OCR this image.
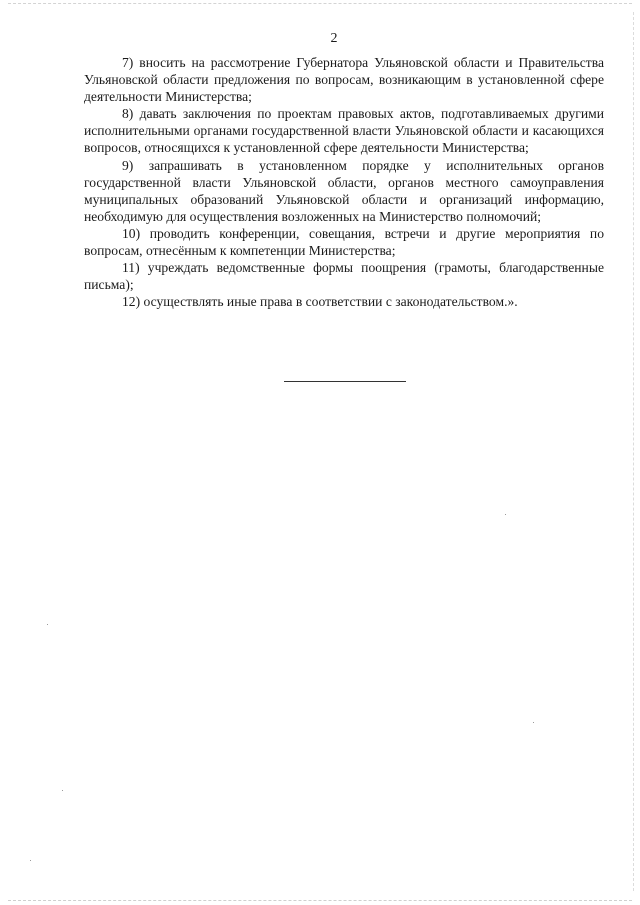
2

7) вносить на рассмотрение Губернатора Ульяновской области и Правительства Ульяновской области предложения по вопросам, возникающим в установленной сфере деятельности Министерства;

8) давать заключения по проектам правовых актов, подготавливаемых другими исполнительными органами государственной власти Ульяновской области и касающихся вопросов, относящихся к установленной сфере деятельности Министерства;

9) запрашивать в установленном порядке у исполнительных органов государственной власти Ульяновской области, органов местного самоуправления муниципальных образований Ульяновской области и организаций информацию, необходимую для осуществления возложенных на Министерство полномочий;

10) проводить конференции, совещания, встречи и другие мероприятия по вопросам, отнесённым к компетенции Министерства;

11) учреждать ведомственные формы поощрения (грамоты, благодарственные письма);

12) осуществлять иные права в соответствии с законодательством.».
